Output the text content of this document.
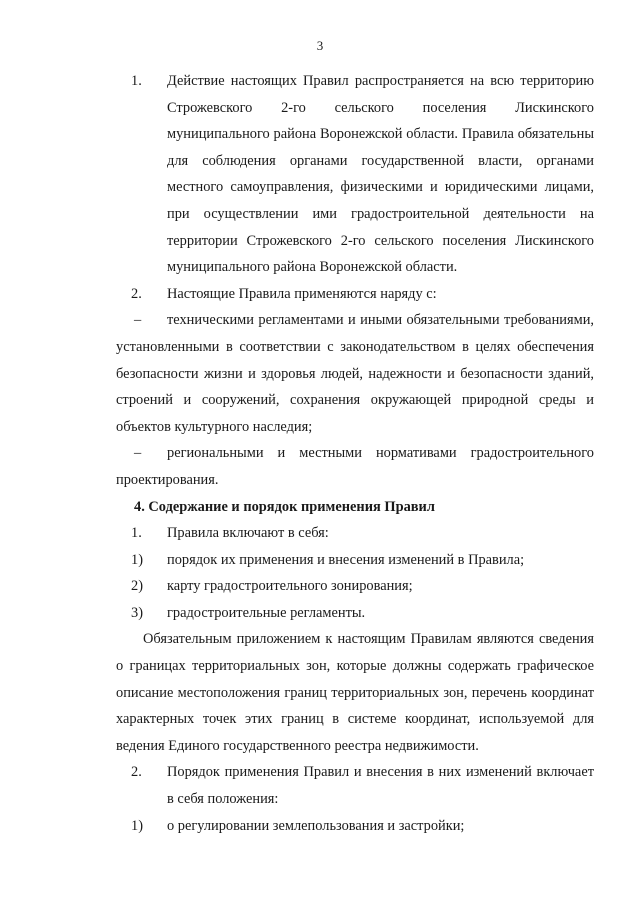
3

1. Действие настоящих Правил распространяется на всю территорию Строжевского 2-го сельского поселения Лискинского муниципального района Воронежской области. Правила обязательны для соблюдения органами государственной власти, органами местного самоуправления, физическими и юридическими лицами, при осуществлении ими градостроительной деятельности на территории Строжевского 2-го сельского поселения Лискинского муниципального района Воронежской области.

2. Настоящие Правила применяются наряду с:

– техническими регламентами и иными обязательными требованиями, установленными в соответствии с законодательством в целях обеспечения безопасности жизни и здоровья людей, надежности и безопасности зданий, строений и сооружений, сохранения окружающей природной среды и объектов культурного наследия;

– региональными и местными нормативами градостроительного проектирования.

4. Содержание и порядок применения Правил

1. Правила включают в себя:

1) порядок их применения и внесения изменений в Правила;

2) карту градостроительного зонирования;

3) градостроительные регламенты.

Обязательным приложением к настоящим Правилам являются сведения о границах территориальных зон, которые должны содержать графическое описание местоположения границ территориальных зон, перечень координат характерных точек этих границ в системе координат, используемой для ведения Единого государственного реестра недвижимости.

2. Порядок применения Правил и внесения в них изменений включает в себя положения:

1) о регулировании землепользования и застройки;
